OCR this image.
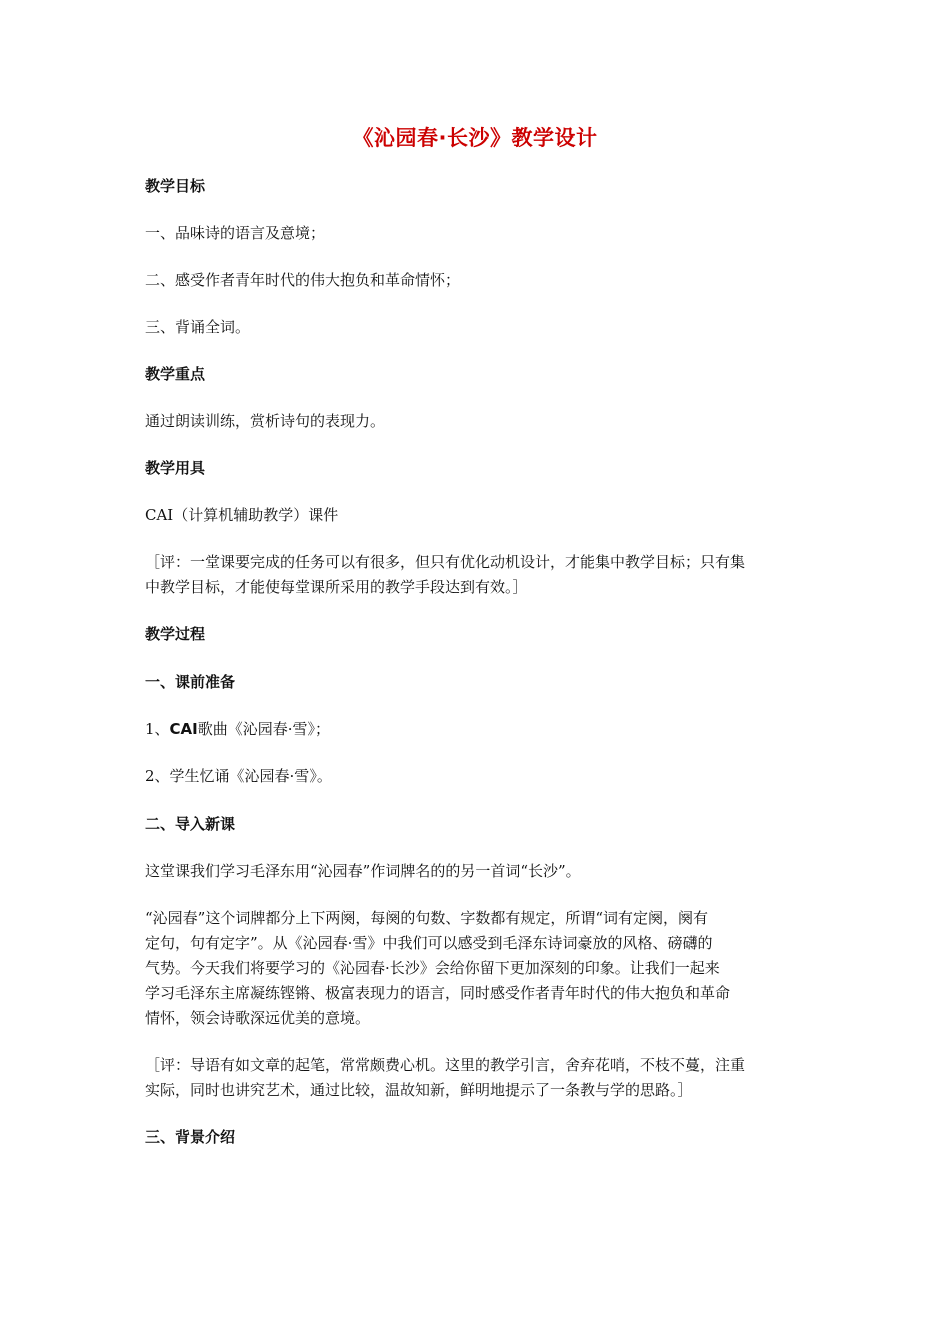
《沁园春·长沙》教学设计
教学目标
一、品味诗的语言及意境；
二、感受作者青年时代的伟大抱负和革命情怀；
三、背诵全词。
教学重点
通过朗读训练，赏析诗句的表现力。
教学用具
CAI（计算机辅助教学）课件
［评：一堂课要完成的任务可以有很多，但只有优化动机设计，才能集中教学目标；只有集
中教学目标，才能使每堂课所采用的教学手段达到有效。］
教学过程
一、课前准备
1、CAI歌曲《沁园春·雪》；
2、学生忆诵《沁园春·雪》。
二、导入新课
这堂课我们学习毛泽东用“沁园春”作词牌名的的另一首词“长沙”。
“沁园春”这个词牌都分上下两阕，每阕的句数、字数都有规定，所谓“词有定阕，阕有
定句，句有定字”。从《沁园春·雪》中我们可以感受到毛泽东诗词豪放的风格、磅礴的
气势。今天我们将要学习的《沁园春·长沙》会给你留下更加深刻的印象。让我们一起来
学习毛泽东主席凝练铿锵、极富表现力的语言，同时感受作者青年时代的伟大抱负和革命
情怀，领会诗歌深远优美的意境。
［评：导语有如文章的起笔，常常颇费心机。这里的教学引言，舍弃花哨，不枝不蔓，注重
实际，同时也讲究艺术，通过比较，温故知新，鲜明地提示了一条教与学的思路。］
三、背景介绍
